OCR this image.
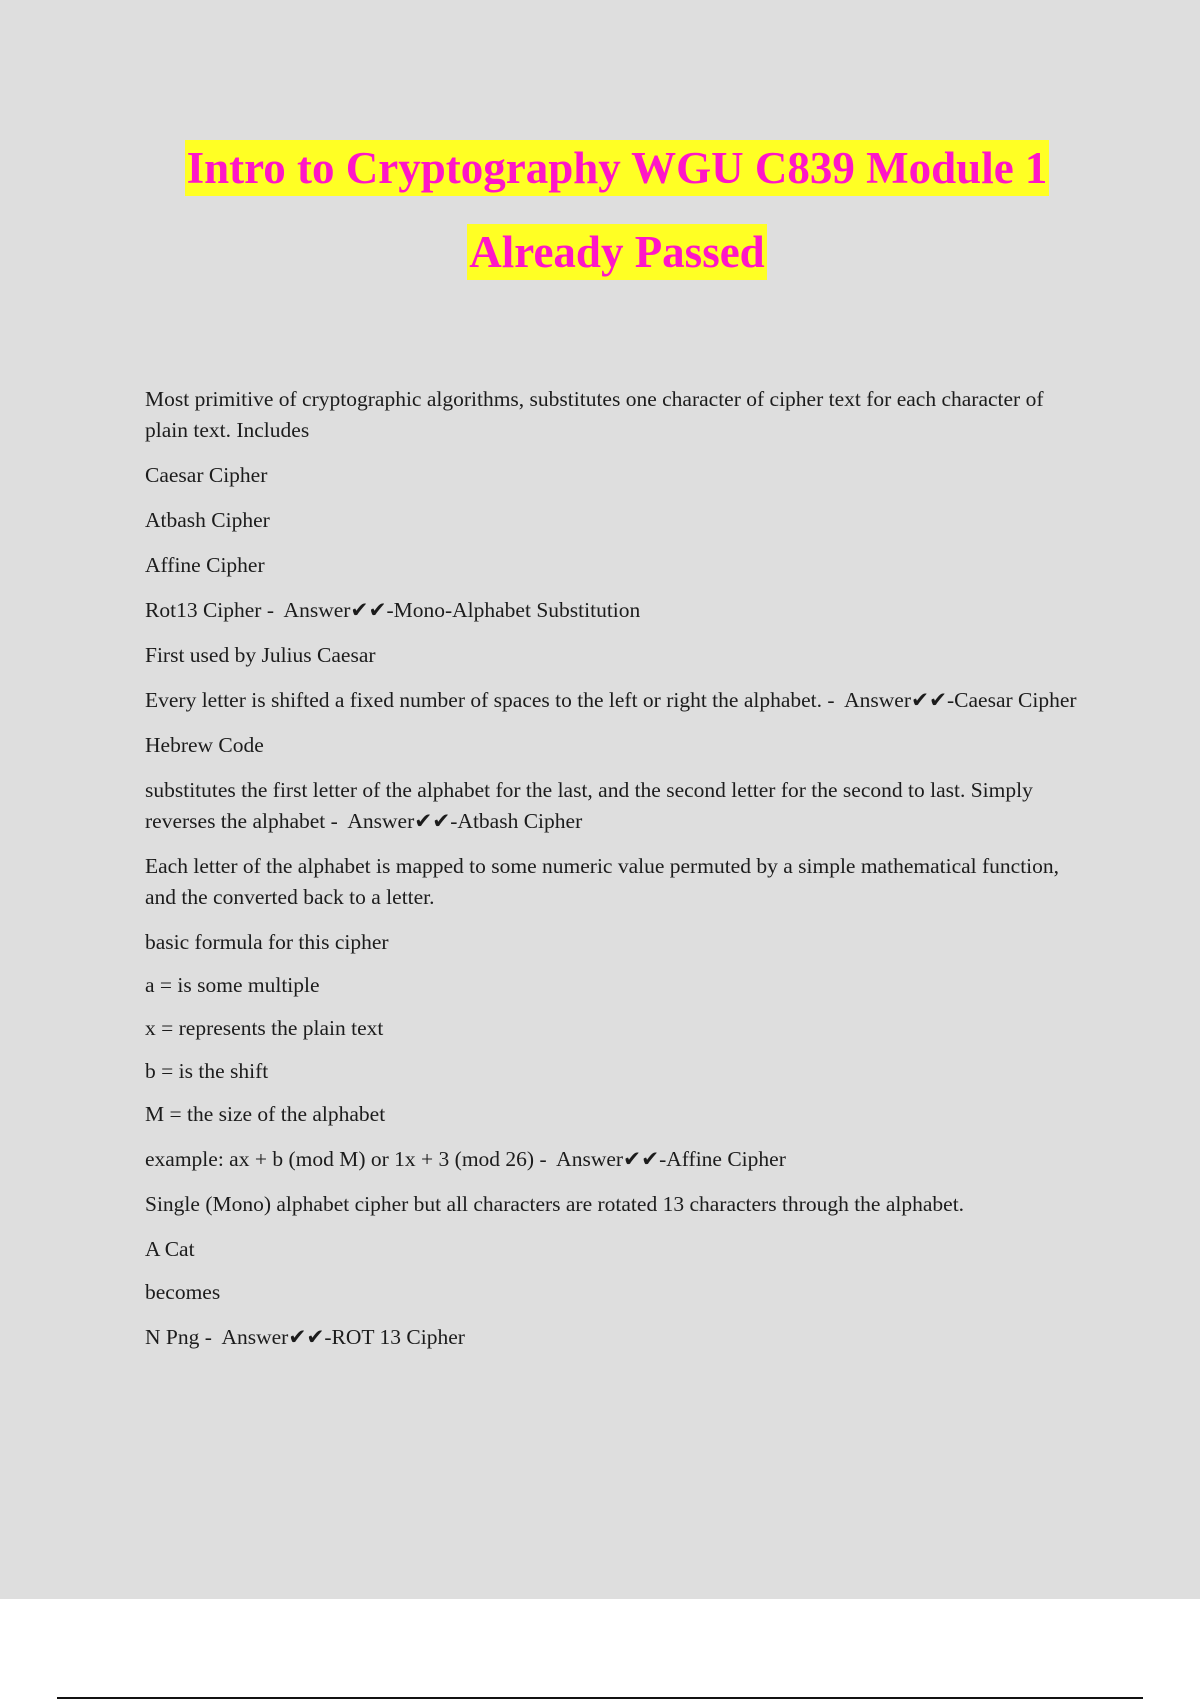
Intro to Cryptography WGU C839 Module 1
Already Passed

Most primitive of cryptographic algorithms, substitutes one character of cipher text for each character of plain text. Includes

Caesar Cipher

Atbash Cipher

Affine Cipher

Rot13 Cipher -  Answer✔✔-Mono-Alphabet Substitution

First used by Julius Caesar

Every letter is shifted a fixed number of spaces to the left or right the alphabet. -  Answer✔✔-Caesar Cipher

Hebrew Code

substitutes the first letter of the alphabet for the last, and the second letter for the second to last. Simply reverses the alphabet -  Answer✔✔-Atbash Cipher

Each letter of the alphabet is mapped to some numeric value permuted by a simple mathematical function, and the converted back to a letter.

basic formula for this cipher

a = is some multiple

x = represents the plain text

b = is the shift

M = the size of the alphabet

example: ax + b (mod M) or 1x + 3 (mod 26) -  Answer✔✔-Affine Cipher

Single (Mono) alphabet cipher but all characters are rotated 13 characters through the alphabet.

A Cat

becomes

N Png -  Answer✔✔-ROT 13 Cipher
